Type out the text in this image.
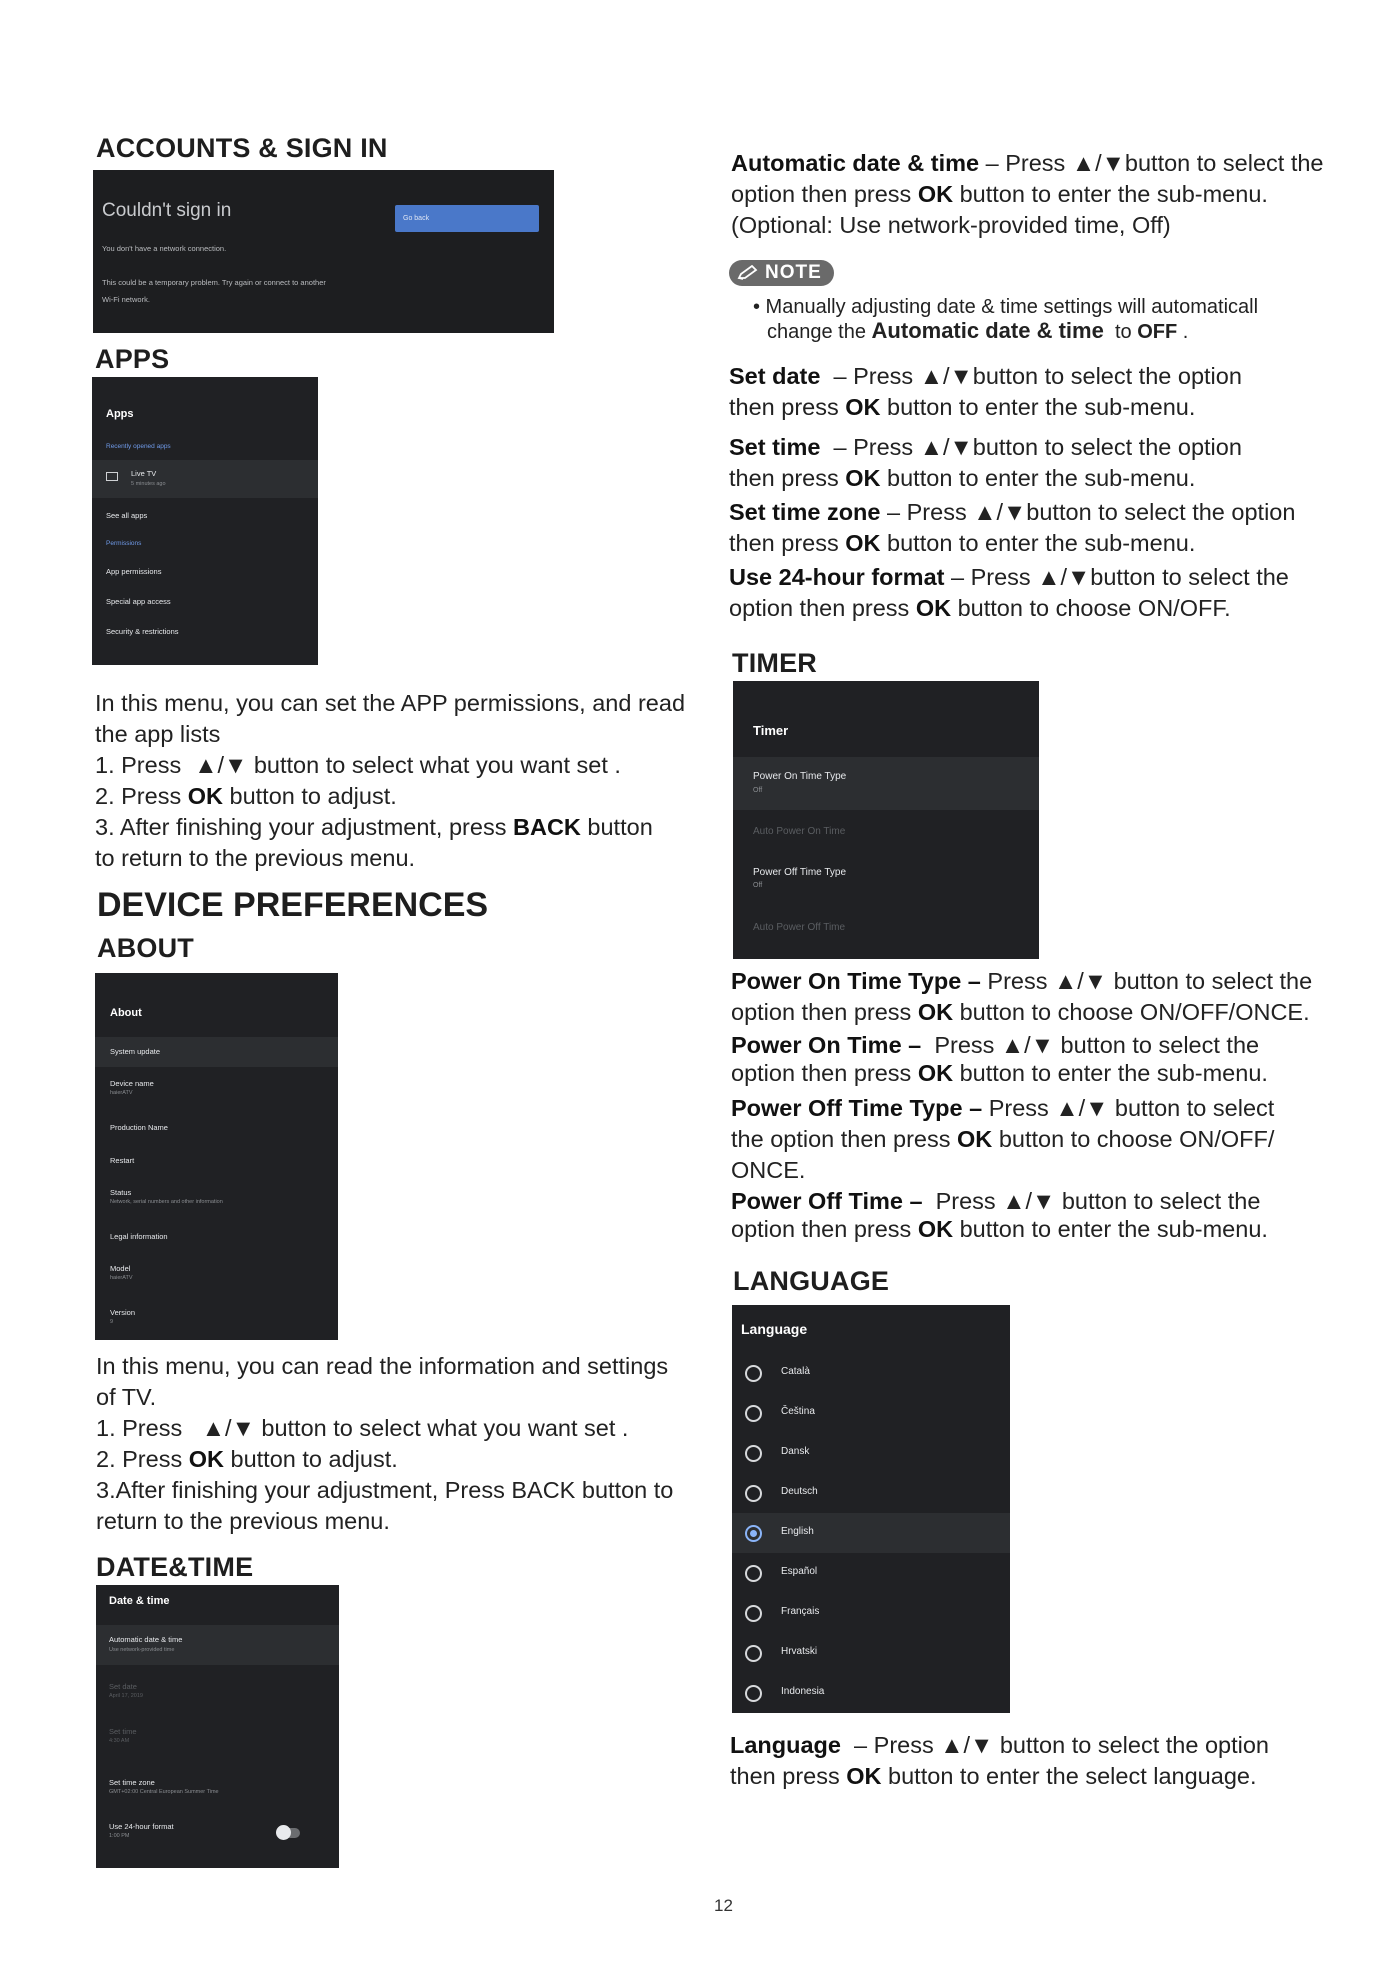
ACCOUNTS & SIGN IN
Couldn't sign in
You don't have a network connection.
This could be a temporary problem. Try again or connect to another
Wi-Fi network.
Go back
APPS
Apps
Recently opened apps
Live TV
5 minutes ago
See all apps
Permissions
App permissions
Special app access
Security & restrictions
In this menu, you can set the APP permissions, and read
the app lists
1. Press ▲/▼ button to select what you want set .
2. Press OK button to adjust.
3. After finishing your adjustment, press BACK button
to return to the previous menu.
DEVICE PREFERENCES
ABOUT
About
System update
Device name
haierATV
Production Name
Restart
Status
Network, serial numbers and other information
Legal information
Model
haierATV
Version
9
In this menu, you can read the information and settings
of TV.
1. Press ▲/▼ button to select what you want set .
2. Press OK button to adjust.
3.After finishing your adjustment, Press BACK button to
return to the previous menu.
DATE&TIME
Date & time
Automatic date & time
Use network-provided time
Set date
April 17, 2019
Set time
4:30 AM
Set time zone
GMT+02:00 Central European Summer Time
Use 24-hour format
1:00 PM
Automatic date & time – Press ▲/▼button to select the
option then press OK button to enter the sub-menu.
(Optional: Use network-provided time, Off)
NOTE
• Manually adjusting date & time settings will automaticall
change the Automatic date & time to OFF .
Set date – Press ▲/▼button to select the option
then press OK button to enter the sub-menu.
Set time – Press ▲/▼button to select the option
then press OK button to enter the sub-menu.
Set time zone – Press ▲/▼button to select the option
then press OK button to enter the sub-menu.
Use 24-hour format – Press ▲/▼button to select the
option then press OK button to choose ON/OFF.
TIMER
Timer
Power On Time Type
Off
Auto Power On Time
Power Off Time Type
Off
Auto Power Off Time
Power On Time Type – Press ▲/▼ button to select the
option then press OK button to choose ON/OFF/ONCE.
Power On Time – Press ▲/▼ button to select the
option then press OK button to enter the sub-menu.
Power Off Time Type – Press ▲/▼ button to select
the option then press OK button to choose ON/OFF/
ONCE.
Power Off Time – Press ▲/▼ button to select the
option then press OK button to enter the sub-menu.
LANGUAGE
Language
Català
Čeština
Dansk
Deutsch
English
Español
Français
Hrvatski
Indonesia
Language – Press ▲/▼ button to select the option
then press OK button to enter the select language.
12
